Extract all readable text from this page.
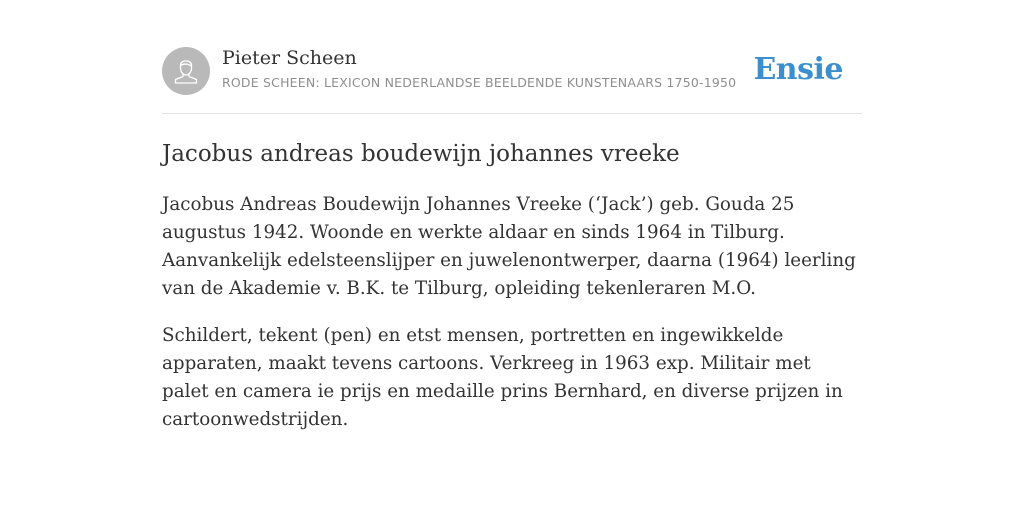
Pieter Scheen
RODE SCHEEN: LEXICON NEDERLANDSE BEELDENDE KUNSTENAARS 1750-1950 Ensie
Jacobus andreas boudewijn johannes vreeke

Jacobus Andreas Boudewijn Johannes Vreeke (‘Jack’) geb. Gouda 25 augustus 1942. Woonde en werkte aldaar en sinds 1964 in Tilburg. Aanvankelijk edelsteenslijper en juwelenontwerper, daarna (1964) leerling van de Akademie v. B.K. te Tilburg, opleiding tekenleraren M.O.

Schildert, tekent (pen) en etst mensen, portretten en ingewikkelde apparaten, maakt tevens cartoons. Verkreeg in 1963 exp. Militair met palet en camera ie prijs en medaille prins Bernhard, en diverse prijzen in cartoonwedstrijden.
